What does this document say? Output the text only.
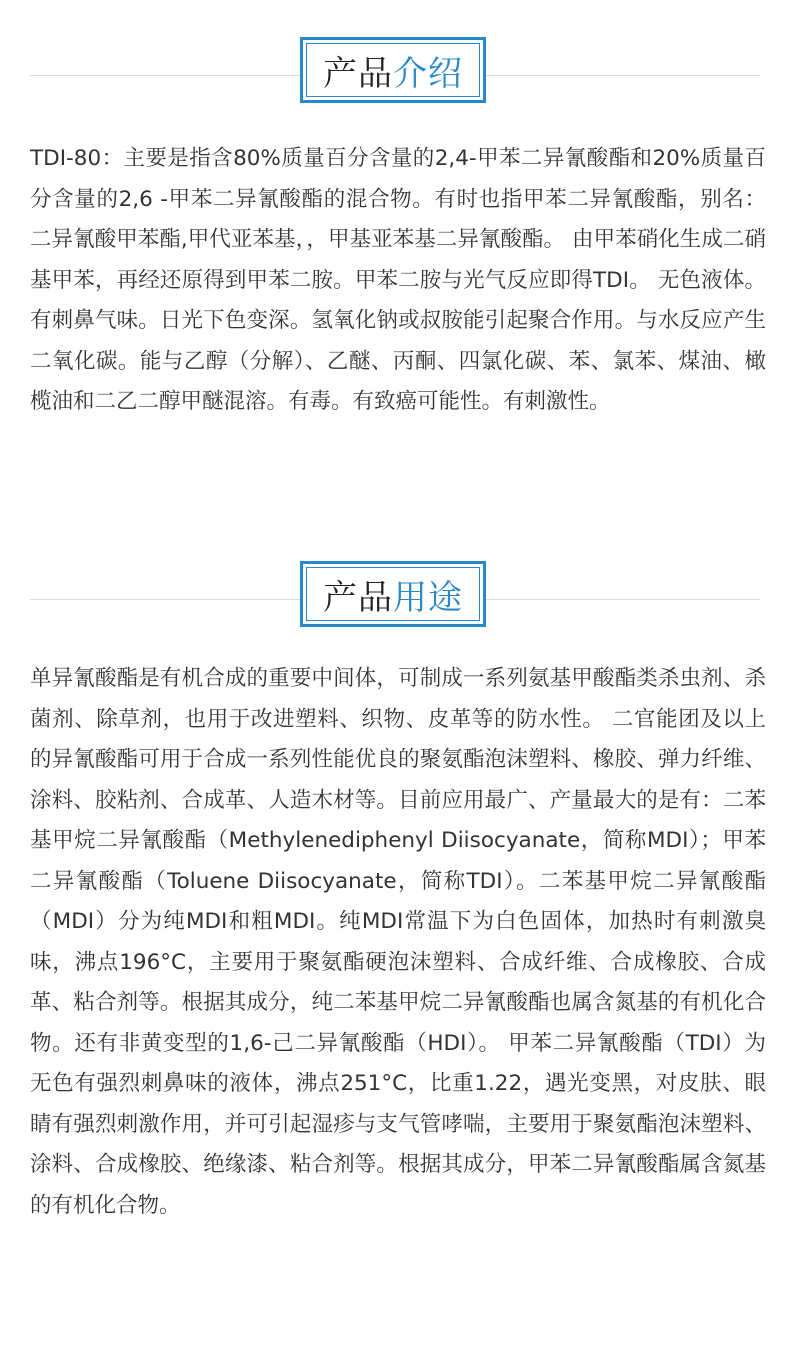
产品 介绍

TDI-80：主要是指含80%质量百分含量的2,4-甲苯二异氰酸酯和20%质量百分含量的2,6 -甲苯二异氰酸酯的混合物。有时也指甲苯二异氰酸酯，别名：二异氰酸甲苯酯,甲代亚苯基，，甲基亚苯基二异氰酸酯。 由甲苯硝化生成二硝基甲苯，再经还原得到甲苯二胺。甲苯二胺与光气反应即得TDI。 无色液体。有刺鼻气味。日光下色变深。氢氧化钠或叔胺能引起聚合作用。与水反应产生二氧化碳。能与乙醇（分解）、乙醚、丙酮、四氯化碳、苯、氯苯、煤油、橄榄油和二乙二醇甲醚混溶。有毒。有致癌可能性。有刺激性。

产品 用途

单异氰酸酯是有机合成的重要中间体，可制成一系列氨基甲酸酯类杀虫剂、杀菌剂、除草剂，也用于改进塑料、织物、皮革等的防水性。 二官能团及以上的异氰酸酯可用于合成一系列性能优良的聚氨酯泡沫塑料、橡胶、弹力纤维、涂料、胶粘剂、合成革、人造木材等。目前应用最广、产量最大的是有：二苯基甲烷二异氰酸酯（Methylenediphenyl Diisocyanate，简称MDI）；甲苯二异氰酸酯（Toluene Diisocyanate，简称TDI）。二苯基甲烷二异氰酸酯（MDI）分为纯MDI和粗MDI。纯MDI常温下为白色固体，加热时有刺激臭味，沸点196°C，主要用于聚氨酯硬泡沫塑料、合成纤维、合成橡胶、合成革、粘合剂等。根据其成分，纯二苯基甲烷二异氰酸酯也属含氮基的有机化合物。还有非黄变型的1,6-己二异氰酸酯（HDI）。 甲苯二异氰酸酯（TDI）为无色有强烈刺鼻味的液体，沸点251°C，比重1.22，遇光变黑，对皮肤、眼睛有强烈刺激作用，并可引起湿疹与支气管哮喘，主要用于聚氨酯泡沫塑料、涂料、合成橡胶、绝缘漆、粘合剂等。根据其成分，甲苯二异氰酸酯属含氮基的有机化合物。
